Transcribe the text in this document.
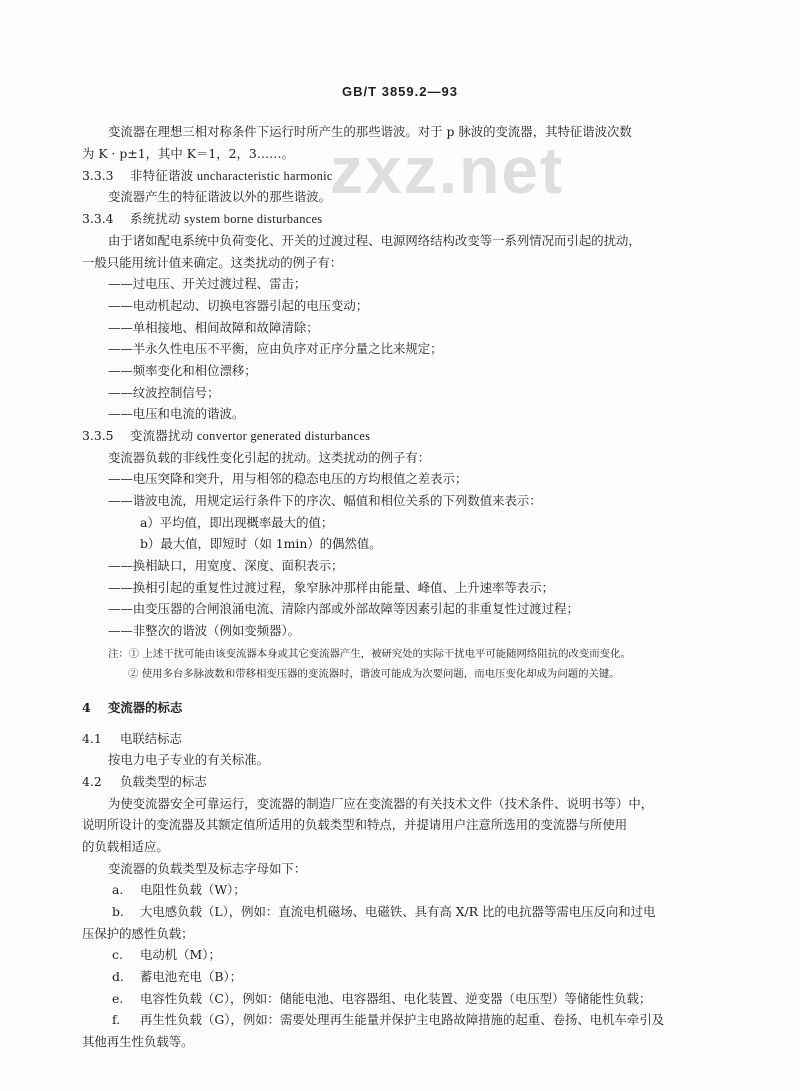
GB/T 3859.2—93
zxz.net
变流器在理想三相对称条件下运行时所产生的那些谐波。对于 p 脉波的变流器，其特征谐波次数
为 K · p±1，其中 K＝1，2，3……。
3.3.3 非特征谐波 uncharacteristic harmonic
变流器产生的特征谐波以外的那些谐波。
3.3.4 系统扰动 system borne disturbances
由于诸如配电系统中负荷变化、开关的过渡过程、电源网络结构改变等一系列情况而引起的扰动，
一般只能用统计值来确定。这类扰动的例子有：
——过电压、开关过渡过程、雷击；
——电动机起动、切换电容器引起的电压变动；
——单相接地、相间故障和故障清除；
——半永久性电压不平衡，应由负序对正序分量之比来规定；
——频率变化和相位漂移；
——纹波控制信号；
——电压和电流的谐波。
3.3.5 变流器扰动 convertor generated disturbances
变流器负载的非线性变化引起的扰动。这类扰动的例子有：
——电压突降和突升，用与相邻的稳态电压的方均根值之差表示；
——谐波电流，用规定运行条件下的序次、幅值和相位关系的下列数值来表示：
a）平均值，即出现概率最大的值；
b）最大值，即短时（如 1min）的偶然值。
——换相缺口，用宽度、深度、面积表示；
——换相引起的重复性过渡过程，象窄脉冲那样由能量、峰值、上升速率等表示；
——由变压器的合闸浪涌电流、清除内部或外部故障等因素引起的非重复性过渡过程；
——非整次的谐波（例如变频器）。
注：① 上述干扰可能由该变流器本身或其它变流器产生，被研究处的实际干扰电平可能随网络阻抗的改变而变化。
② 使用多台多脉波数和带移相变压器的变流器时，谐波可能成为次要问题，而电压变化却成为问题的关键。
4 变流器的标志
4.1 电联结标志
按电力电子专业的有关标准。
4.2 负载类型的标志
为使变流器安全可靠运行，变流器的制造厂应在变流器的有关技术文件（技术条件、说明书等）中，
说明所设计的变流器及其额定值所适用的负载类型和特点，并提请用户注意所选用的变流器与所使用
的负载相适应。
变流器的负载类型及标志字母如下：
a. 电阻性负载（W）；
b. 大电感负载（L），例如：直流电机磁场、电磁铁、具有高 X/R 比的电抗器等需电压反向和过电
压保护的感性负载；
c. 电动机（M）；
d. 蓄电池充电（B）；
e. 电容性负载（C），例如：储能电池、电容器组、电化装置、逆变器（电压型）等储能性负载；
f. 再生性负载（G），例如：需要处理再生能量并保护主电路故障措施的起重、卷扬、电机车牵引及
其他再生性负载等。
